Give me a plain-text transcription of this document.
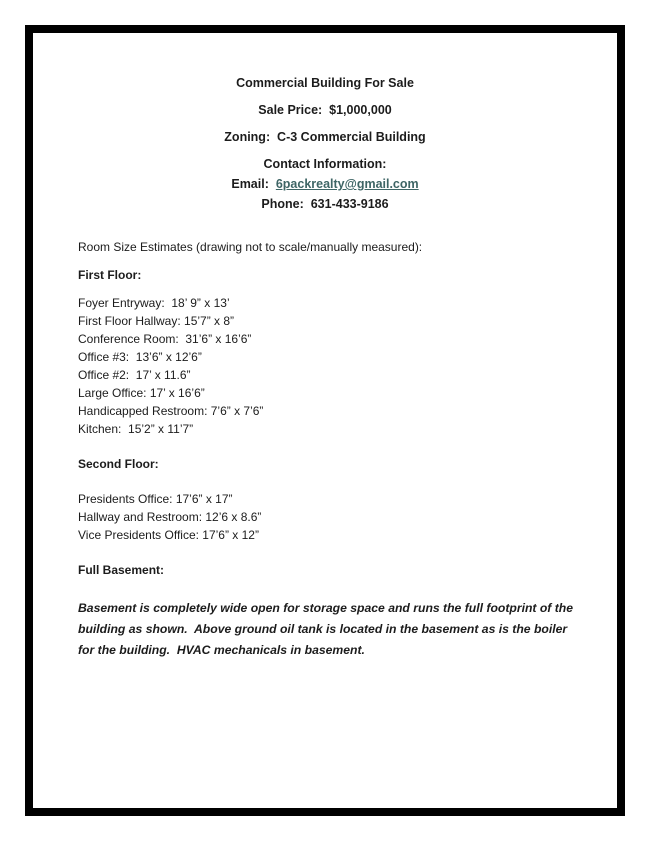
Commercial Building For Sale

Sale Price:  $1,000,000

Zoning:  C-3 Commercial Building

Contact Information:

Email:  6packrealty@gmail.com

Phone:  631-433-9186

Room Size Estimates (drawing not to scale/manually measured):

First Floor:

Foyer Entryway:  18’ 9” x 13’
First Floor Hallway: 15’7” x 8”
Conference Room:  31’6” x 16’6”
Office #3:  13’6” x 12’6”
Office #2:  17’ x 11.6”
Large Office: 17’ x 16’6”
Handicapped Restroom: 7’6” x 7’6”
Kitchen:  15’2” x 11’7”

Second Floor:

Presidents Office: 17’6” x 17”
Hallway and Restroom: 12’6 x 8.6”
Vice Presidents Office: 17’6” x 12”

Full Basement:

Basement is completely wide open for storage space and runs the full footprint of the building as shown.  Above ground oil tank is located in the basement as is the boiler for the building.  HVAC mechanicals in basement.
